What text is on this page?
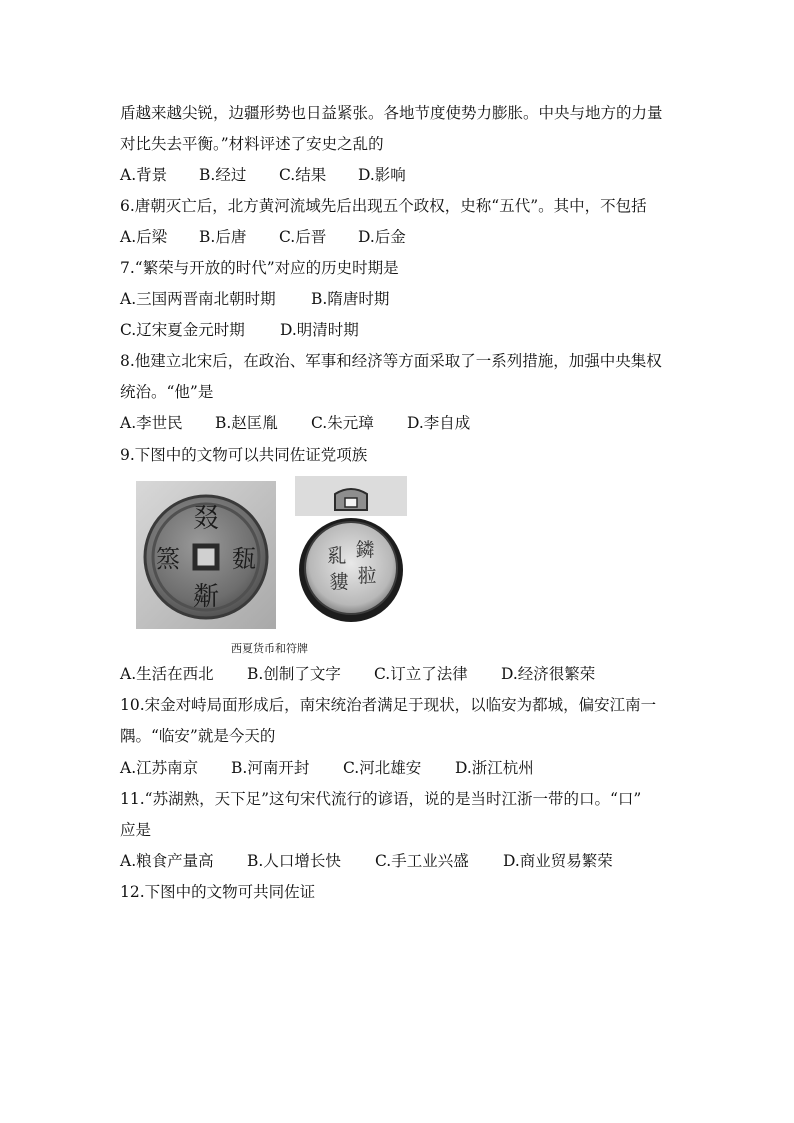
盾越来越尖锐，边疆形势也日益紧张。各地节度使势力膨胀。中央与地方的力量
对比失去平衡。”材料评述了安史之乱的
A.背景 B.经过 C.结果 D.影响
6.唐朝灭亡后，北方黄河流域先后出现五个政权，史称“五代”。其中，不包括
A.后梁 B.后唐 C.后晋 D.后金
7.“繁荣与开放的时代”对应的历史时期是
A.三国两晋南北朝时期 B.隋唐时期
C.辽宋夏金元时期 D.明清时期
8.他建立北宋后，在政治、军事和经济等方面采取了一系列措施，加强中央集权
统治。“他”是
A.李世民 B.赵匡胤 C.朱元璋 D.李自成
9.下图中的文物可以共同佐证党项族
叕
斴
篜 瓾	乿 鏻
貗 翋
西夏货币和符牌
A.生活在西北 B.创制了文字 C.订立了法律 D.经济很繁荣
10.宋金对峙局面形成后，南宋统治者满足于现状，以临安为都城，偏安江南一
隅。“临安”就是今天的
A.江苏南京 B.河南开封 C.河北雄安 D.浙江杭州
11.“苏湖熟，天下足”这句宋代流行的谚语，说的是当时江浙一带的口。“口”
应是
A.粮食产量高 B.人口增长快 C.手工业兴盛 D.商业贸易繁荣
12.下图中的文物可共同佐证
